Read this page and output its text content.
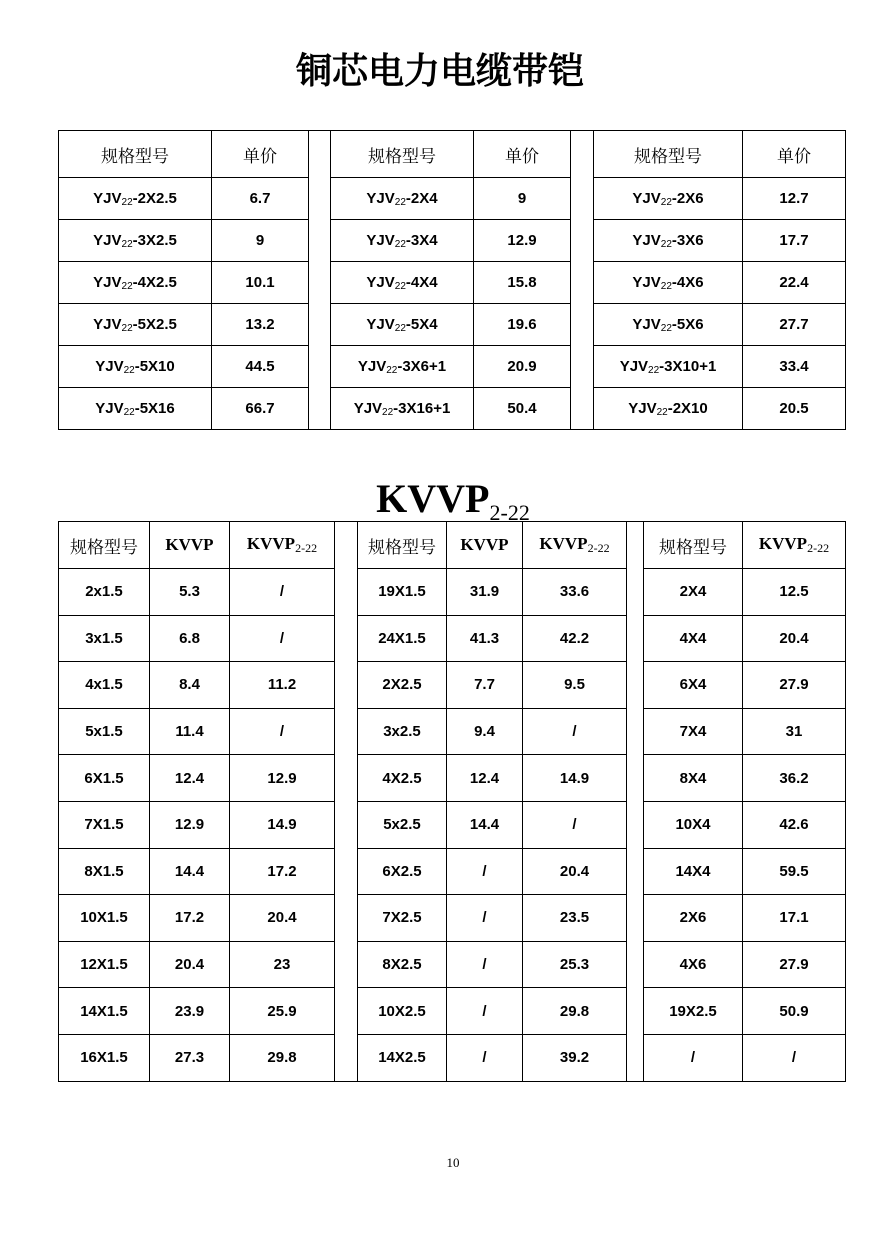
铜芯电力电缆带铠
规格型号	单价		规格型号	单价		规格型号	单价
$YJV_{22}-2X2.5$	6.7		$YJV_{22}-2X4$	9		$YJV_{22}-2X6$	12.7
$YJV_{22}-3X2.5$	9		$YJV_{22}-3X4$	12.9		$YJV_{22}-3X6$	17.7
$YJV_{22}-4X2.5$	10.1		$YJV_{22}-4X4$	15.8		$YJV_{22}-4X6$	22.4
$YJV_{22}-5X2.5$	13.2		$YJV_{22}-5X4$	19.6		$YJV_{22}-5X6$	27.7
$YJV_{22}-5X10$	44.5		$YJV_{22}-3X6+1$	20.9		$YJV_{22}-3X10+1$	33.4
$YJV_{22}-5X16$	66.7		$YJV_{22}-3X16+1$	50.4		$YJV_{22}-2X10$	20.5
$KVVP_{2-22}$
规格型号	KVVP	$KVVP_{2-22}$		规格型号	KVVP	$KVVP_{2-22}$		规格型号	$KVVP_{2-22}$
2x1.5	5.3	/		19X1.5	31.9	33.6		2X4	12.5
3x1.5	6.8	/		24X1.5	41.3	42.2		4X4	20.4
4x1.5	8.4	11.2		2X2.5	7.7	9.5		6X4	27.9
5x1.5	11.4	/		3x2.5	9.4	/		7X4	31
6X1.5	12.4	12.9		4X2.5	12.4	14.9		8X4	36.2
7X1.5	12.9	14.9		5x2.5	14.4	/		10X4	42.6
8X1.5	14.4	17.2		6X2.5	/	20.4		14X4	59.5
10X1.5	17.2	20.4		7X2.5	/	23.5		2X6	17.1
12X1.5	20.4	23		8X2.5	/	25.3		4X6	27.9
14X1.5	23.9	25.9		10X2.5	/	29.8		19X2.5	50.9
16X1.5	27.3	29.8		14X2.5	/	39.2		/	/
10
